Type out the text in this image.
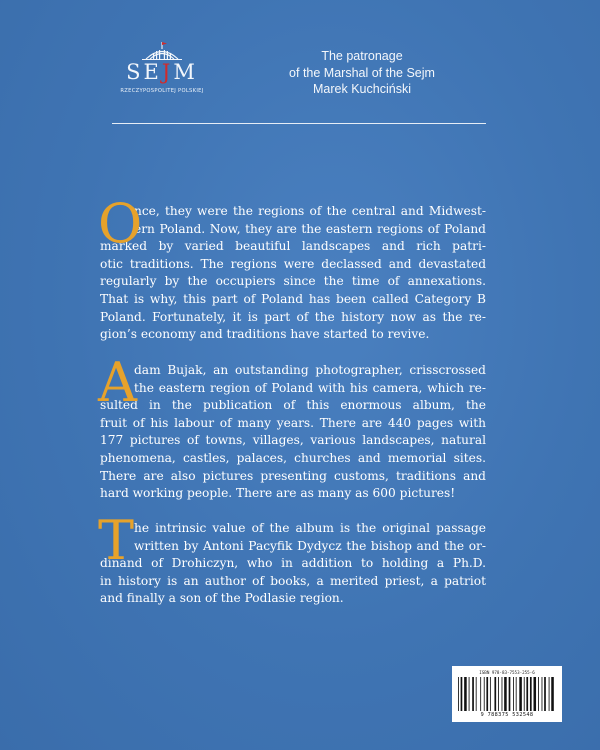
SEJM
RZECZYPOSPOLITEJ POLSKIEJ
The patronage
of the Marshal of the Sejm
Marek Kuchciński
O
nce, they were the regions of the central and Midwest-
ern Poland. Now, they are the eastern regions of Poland
marked by varied beautiful landscapes and rich patri-
otic traditions. The regions were declassed and devastated
regularly by the occupiers since the time of annexations.
That is why, this part of Poland has been called Category B
Poland. Fortunately, it is part of the history now as the re-
gion’s economy and traditions have started to revive.
A
dam Bujak, an outstanding photographer, crisscrossed
the eastern region of Poland with his camera, which re-
sulted in the publication of this enormous album, the
fruit of his labour of many years. There are 440 pages with
177 pictures of towns, villages, various landscapes, natural
phenomena, castles, palaces, churches and memorial sites.
There are also pictures presenting customs, traditions and
hard working people. There are as many as 600 pictures!
T he intrinsic value of the album is the original passage
written by Antoni Pacyfik Dydycz the bishop and the or-
dinand of Drohiczyn, who in addition to holding a Ph.D.
in history is an author of books, a merited priest, a patriot
and finally a son of the Podlasie region.
ISBN 978-83-7553-255-6
9 788375 532548
